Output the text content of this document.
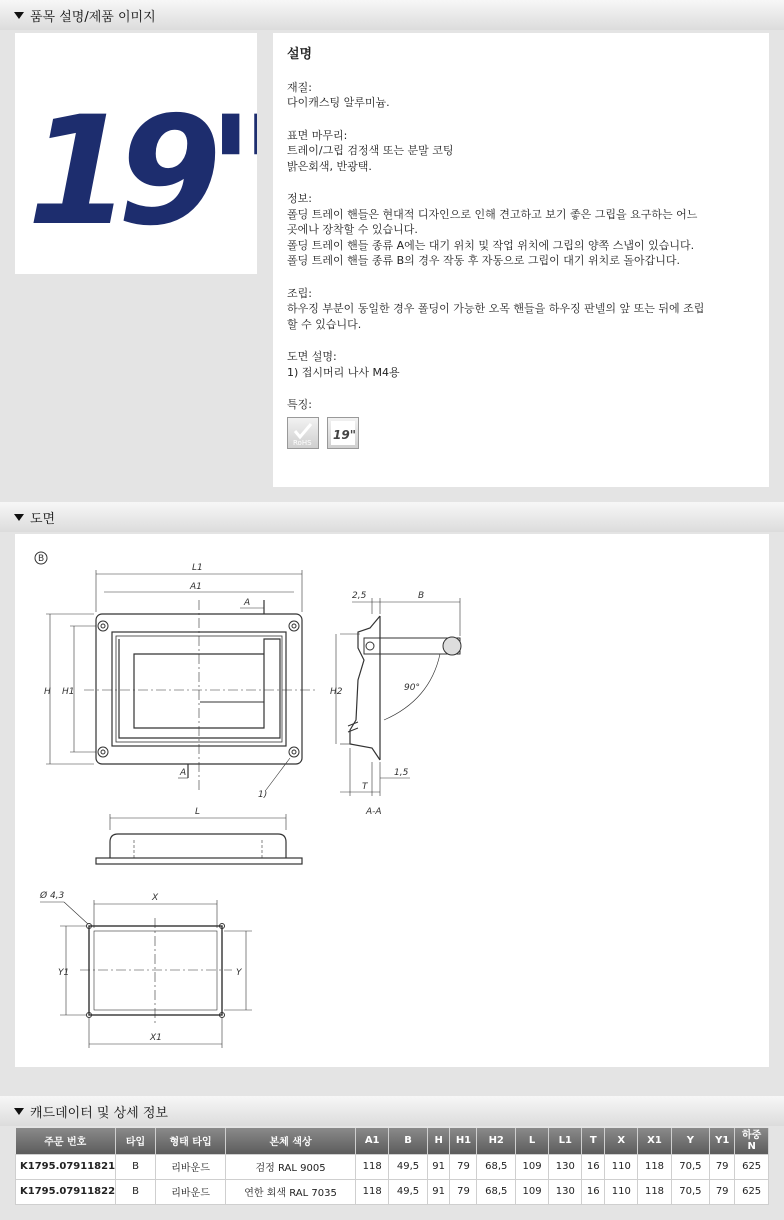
품목 설명/제품 이미지
19"

설명

재질:

다이캐스팅 알루미늄.

표면 마무리:

트레이/그립 검정색 또는 분말 코팅

밝은회색, 반광택.

정보:

폴딩 트레이 핸들은 현대적 디자인으로 인해 견고하고 보기 좋은 그립을 요구하는 어느

곳에나 장착할 수 있습니다.

폴딩 트레이 핸들 종류 A에는 대기 위치 및 작업 위치에 그립의 양쪽 스냅이 있습니다.

폴딩 트레이 핸들 종류 B의 경우 작동 후 자동으로 그립이 대기 위치로 돌아갑니다.

조립:

하우징 부분이 동일한 경우 폴딩이 가능한 오목 핸들을 하우징 판넬의 앞 또는 뒤에 조립

할 수 있습니다.

도면 설명:

1) 접시머리 나사 M4용

특징:

RoHS

19"
도면
B
L1
A1
A
A
H H1
1)
H2	90°
2,5	B
1,5
T
A-A
L
X
X1
Y1	Y
Ø 4,3
캐드데이터 및 상세 정보
주문 번호	타입	형태 타입	본체 색상	A1	B	H	H1	H2	L	L1	T	X	X1	Y	Y1	하중
N
K1795.07911821	B	리바운드	검정 RAL 9005	118	49,5	91	79	68,5	109	130	16	110	118	70,5	79	625
K1795.07911822	B	리바운드	연한 회색 RAL 7035	118	49,5	91	79	68,5	109	130	16	110	118	70,5	79	625
